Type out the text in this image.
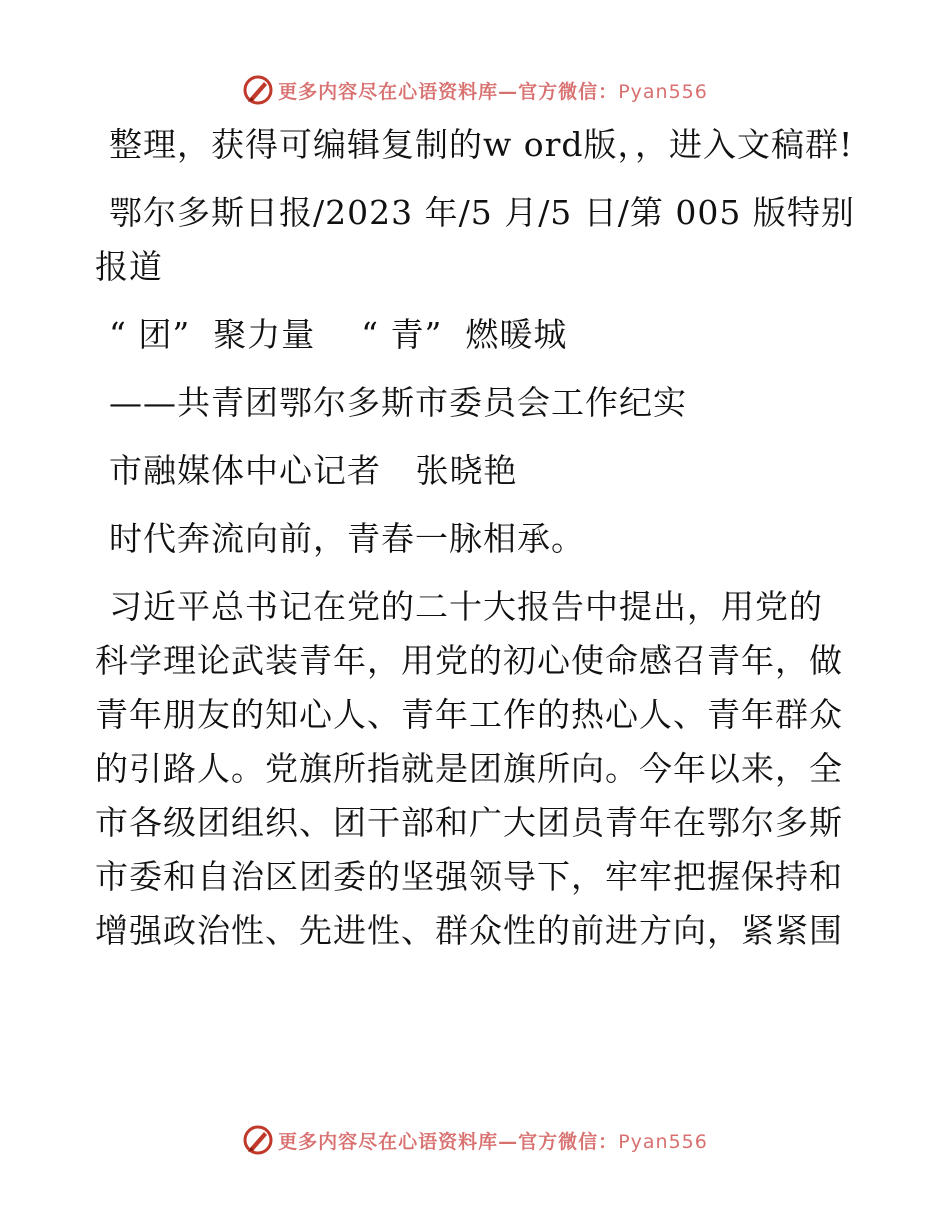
更多内容尽在心语资料库—官方微信：Pyan556

整理，获得可编辑复制的w ord版，，进入文稿群!

鄂尔多斯日报/2023 年/5 月/5 日/第 005 版特别报道

“ 团”  聚力量    “ 青”  燃暖城

——共青团鄂尔多斯市委员会工作纪实

市融媒体中心记者   张晓艳

时代奔流向前，青春一脉相承。

习近平总书记在党的二十大报告中提出，用党的科学理论武装青年，用党的初心使命感召青年，做青年朋友的知心人、青年工作的热心人、青年群众的引路人。党旗所指就是团旗所向。今年以来，全市各级团组织、团干部和广大团员青年在鄂尔多斯市委和自治区团委的坚强领导下，牢牢把握保持和增强政治性、先进性、群众性的前进方向，紧紧围

更多内容尽在心语资料库—官方微信：Pyan556
